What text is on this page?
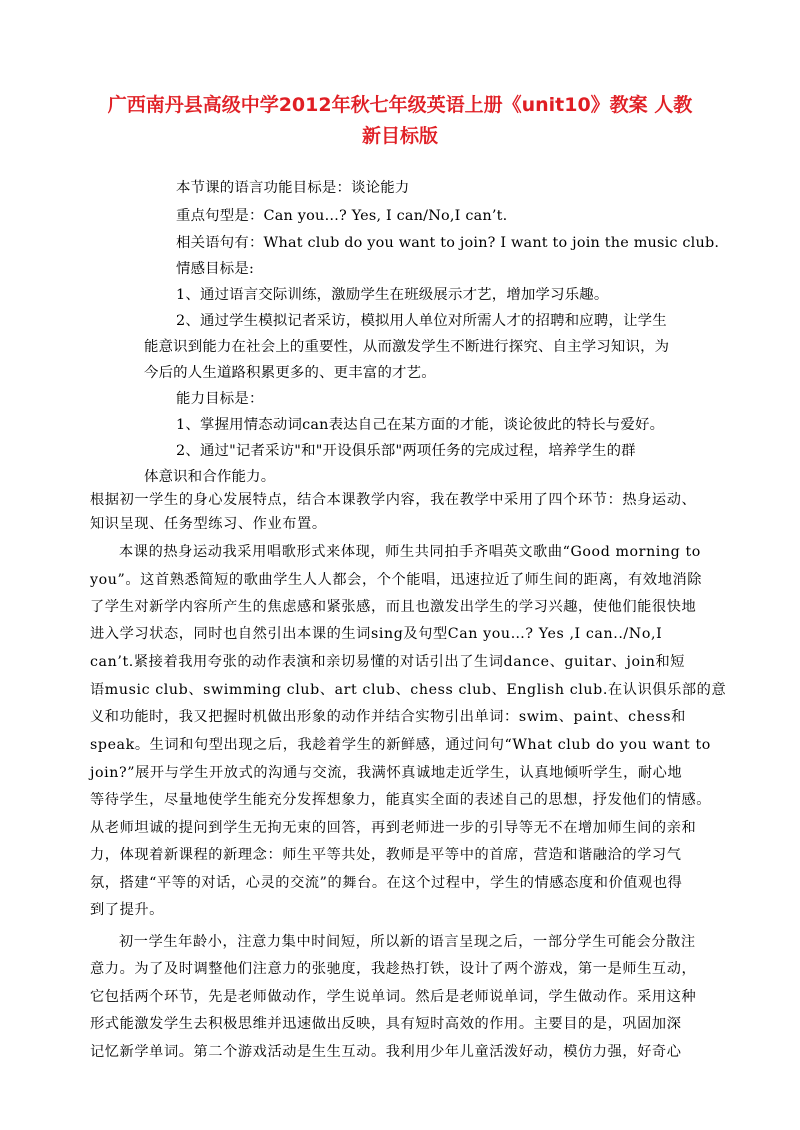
广西南丹县高级中学2012年秋七年级英语上册《unit10》教案 人教
新目标版
本节课的语言功能目标是：谈论能力
重点句型是：Can you…? Yes, I can/No,I can’t.
相关语句有：What club do you want to join? I want to join the music club.
情感目标是:
1、通过语言交际训练，激励学生在班级展示才艺，增加学习乐趣。
2、通过学生模拟记者采访，模拟用人单位对所需人才的招聘和应聘，让学生
能意识到能力在社会上的重要性，从而激发学生不断进行探究、自主学习知识，为
今后的人生道路积累更多的、更丰富的才艺。
能力目标是：
1、掌握用情态动词can表达自己在某方面的才能，谈论彼此的特长与爱好。
2、通过"记者采访"和"开设俱乐部"两项任务的完成过程，培养学生的群
体意识和合作能力。
根据初一学生的身心发展特点，结合本课教学内容，我在教学中采用了四个环节：热身运动、
知识呈现、任务型练习、作业布置。
本课的热身运动我采用唱歌形式来体现，师生共同拍手齐唱英文歌曲“Good morning to
you”。这首熟悉简短的歌曲学生人人都会，个个能唱，迅速拉近了师生间的距离，有效地消除
了学生对新学内容所产生的焦虑感和紧张感，而且也激发出学生的学习兴趣，使他们能很快地
进入学习状态，同时也自然引出本课的生词sing及句型Can you…? Yes ,I can../No,I
can’t.紧接着我用夸张的动作表演和亲切易懂的对话引出了生词dance、guitar、join和短
语music club、swimming club、art club、chess club、English club.在认识俱乐部的意
义和功能时，我又把握时机做出形象的动作并结合实物引出单词：swim、paint、chess和
speak。生词和句型出现之后，我趁着学生的新鲜感，通过问句“What club do you want to
join?”展开与学生开放式的沟通与交流，我满怀真诚地走近学生，认真地倾听学生，耐心地
等待学生，尽量地使学生能充分发挥想象力，能真实全面的表述自己的思想，抒发他们的情感。
从老师坦诚的提问到学生无拘无束的回答，再到老师进一步的引导等无不在增加师生间的亲和
力，体现着新课程的新理念：师生平等共处，教师是平等中的首席，营造和谐融洽的学习气
氛，搭建“平等的对话，心灵的交流”的舞台。在这个过程中，学生的情感态度和价值观也得
到了提升。
初一学生年龄小，注意力集中时间短，所以新的语言呈现之后，一部分学生可能会分散注
意力。为了及时调整他们注意力的张驰度，我趁热打铁，设计了两个游戏，第一是师生互动，
它包括两个环节，先是老师做动作，学生说单词。然后是老师说单词，学生做动作。采用这种
形式能激发学生去积极思维并迅速做出反映，具有短时高效的作用。主要目的是，巩固加深
记忆新学单词。第二个游戏活动是生生互动。我利用少年儿童活泼好动，模仿力强，好奇心
